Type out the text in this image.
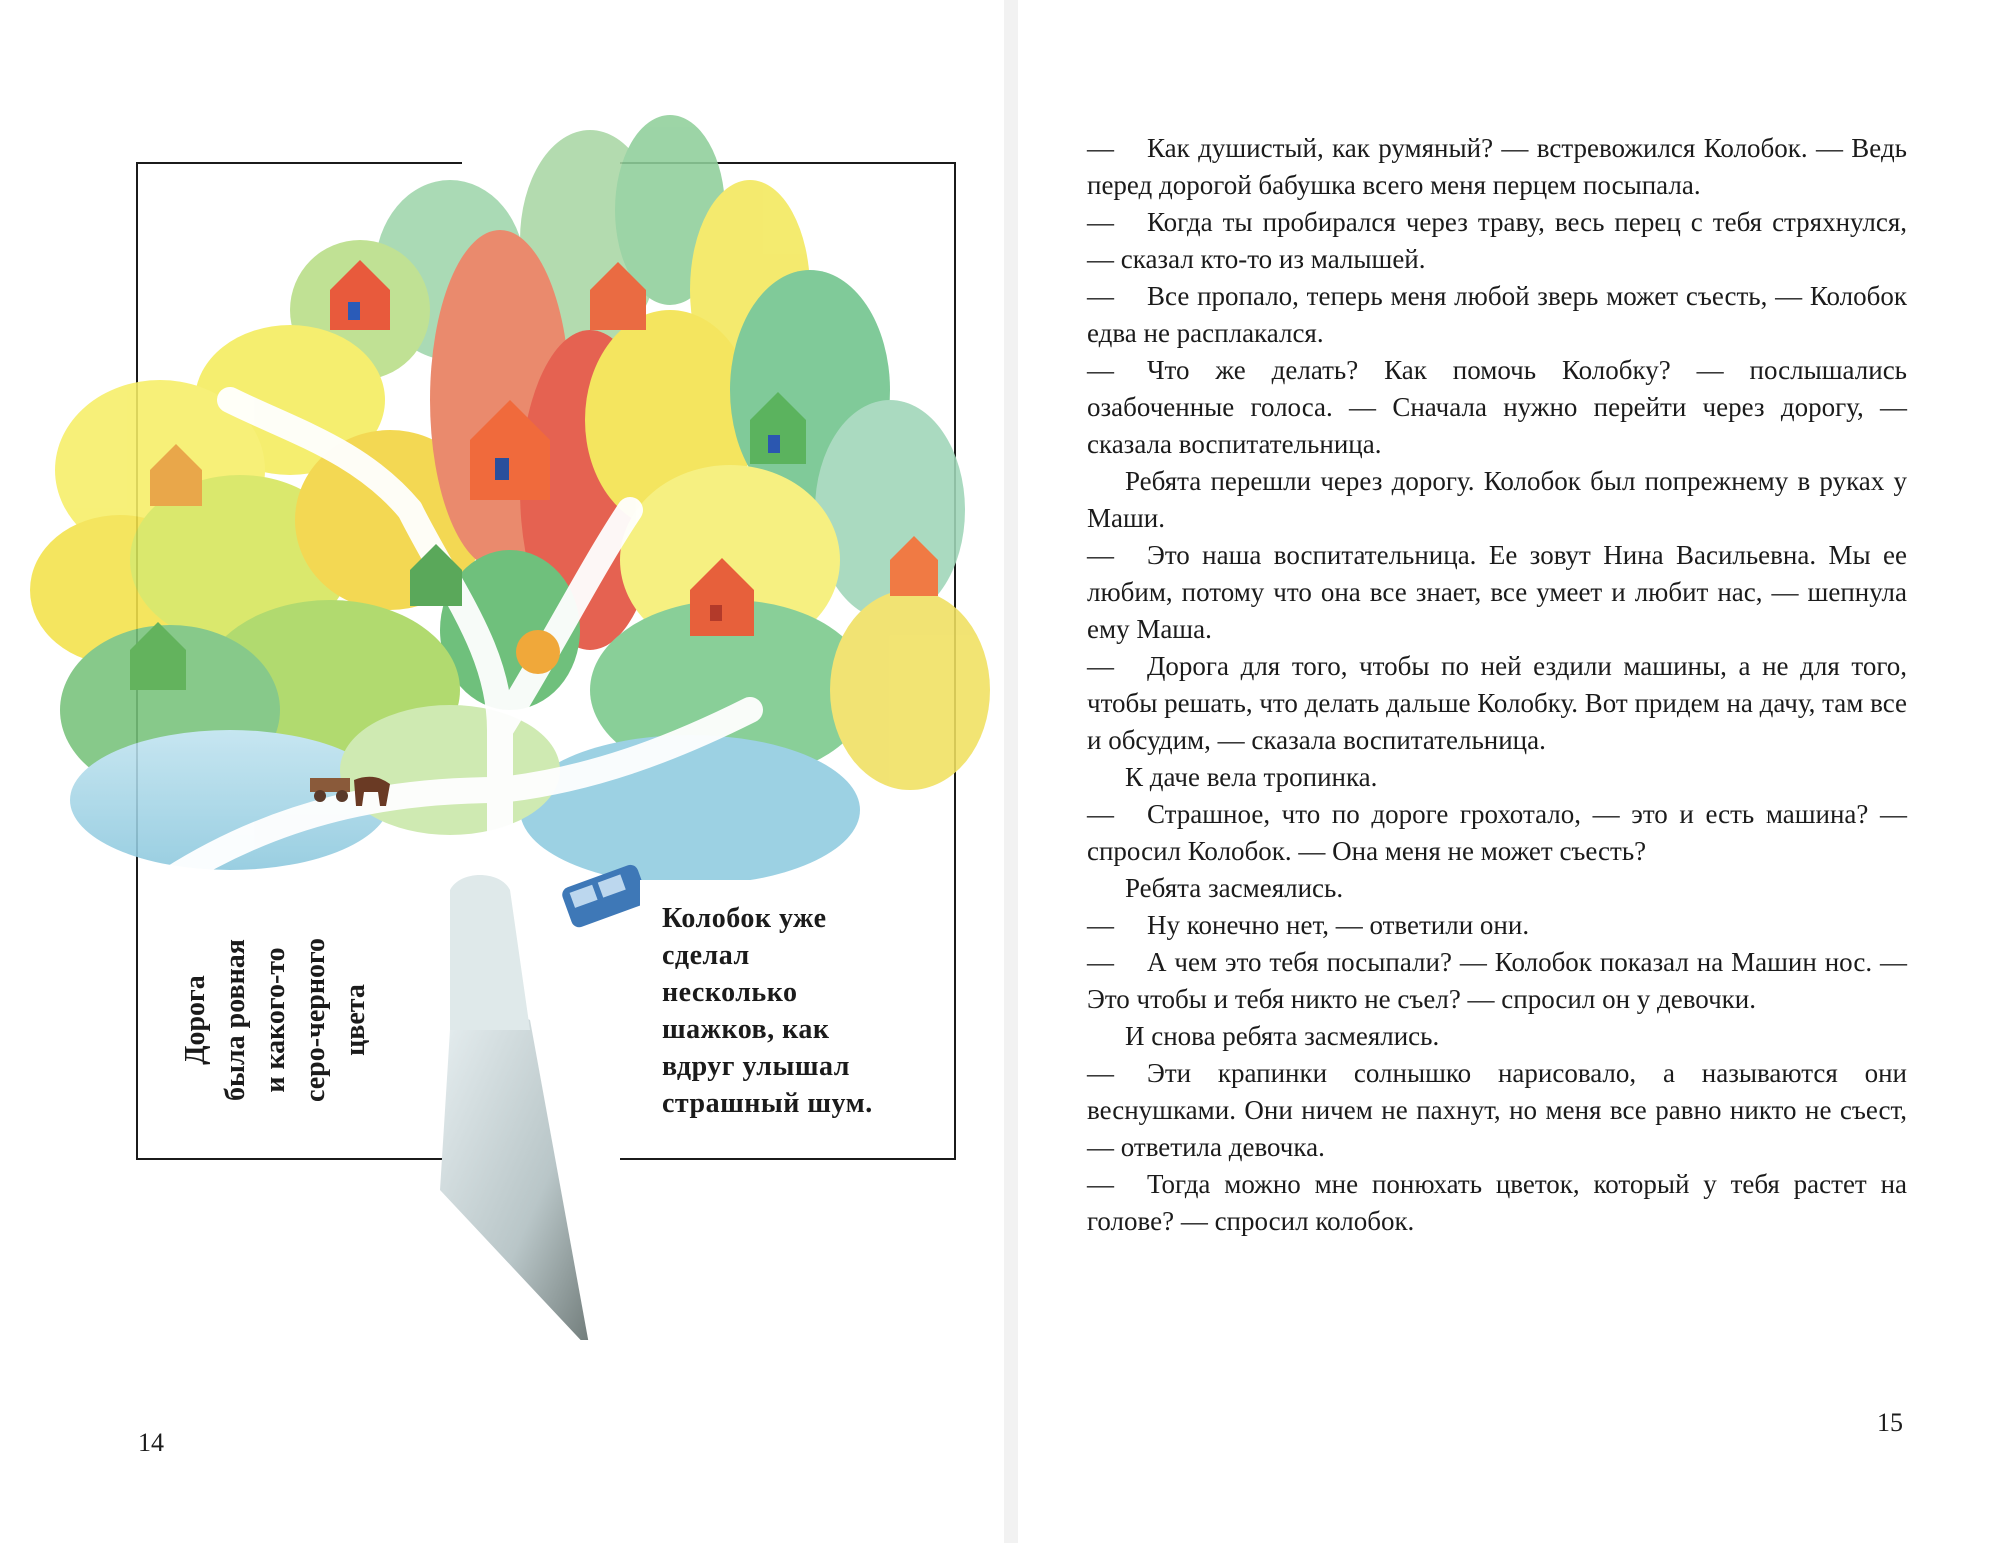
Дорога была ровная и какого-то серо-черного цвета
Колобок уже
сделал
несколько
шажков, как
вдруг улышал
страшный шум.
14

— Как душистый, как румяный? — встревожился Колобок. — Ведь перед дорогой бабушка всего меня перцем посыпала.

— Когда ты пробирался через траву, весь перец с тебя стряхнулся, — сказал кто-то из малышей.

— Все пропало, теперь меня любой зверь может съесть, — Колобок едва не расплакался.

— Что же делать? Как помочь Колобку? — послышались озабоченные голоса. — Сначала нужно перейти через дорогу, — сказала воспитательница.

Ребята перешли через дорогу. Колобок был попрежнему в руках у Маши.

— Это наша воспитательница. Ее зовут Нина Васильевна. Мы ее любим, потому что она все знает, все умеет и любит нас, — шепнула ему Маша.

— Дорога для того, чтобы по ней ездили машины, а не для того, чтобы решать, что делать дальше Колобку. Вот придем на дачу, там все и обсудим, — сказала воспитательница.

К даче вела тропинка.

— Страшное, что по дороге грохотало, — это и есть машина? — спросил Колобок. — Она меня не может съесть?

Ребята засмеялись.

— Ну конечно нет, — ответили они.

— А чем это тебя посыпали? — Колобок показал на Машин нос. — Это чтобы и тебя никто не съел? — спросил он у девочки.

И снова ребята засмеялись.

— Эти крапинки солнышко нарисовало, а называются они веснушками. Они ничем не пахнут, но меня все равно никто не съест, — ответила девочка.

— Тогда можно мне понюхать цветок, который у тебя растет на голове? — спросил колобок.

15
